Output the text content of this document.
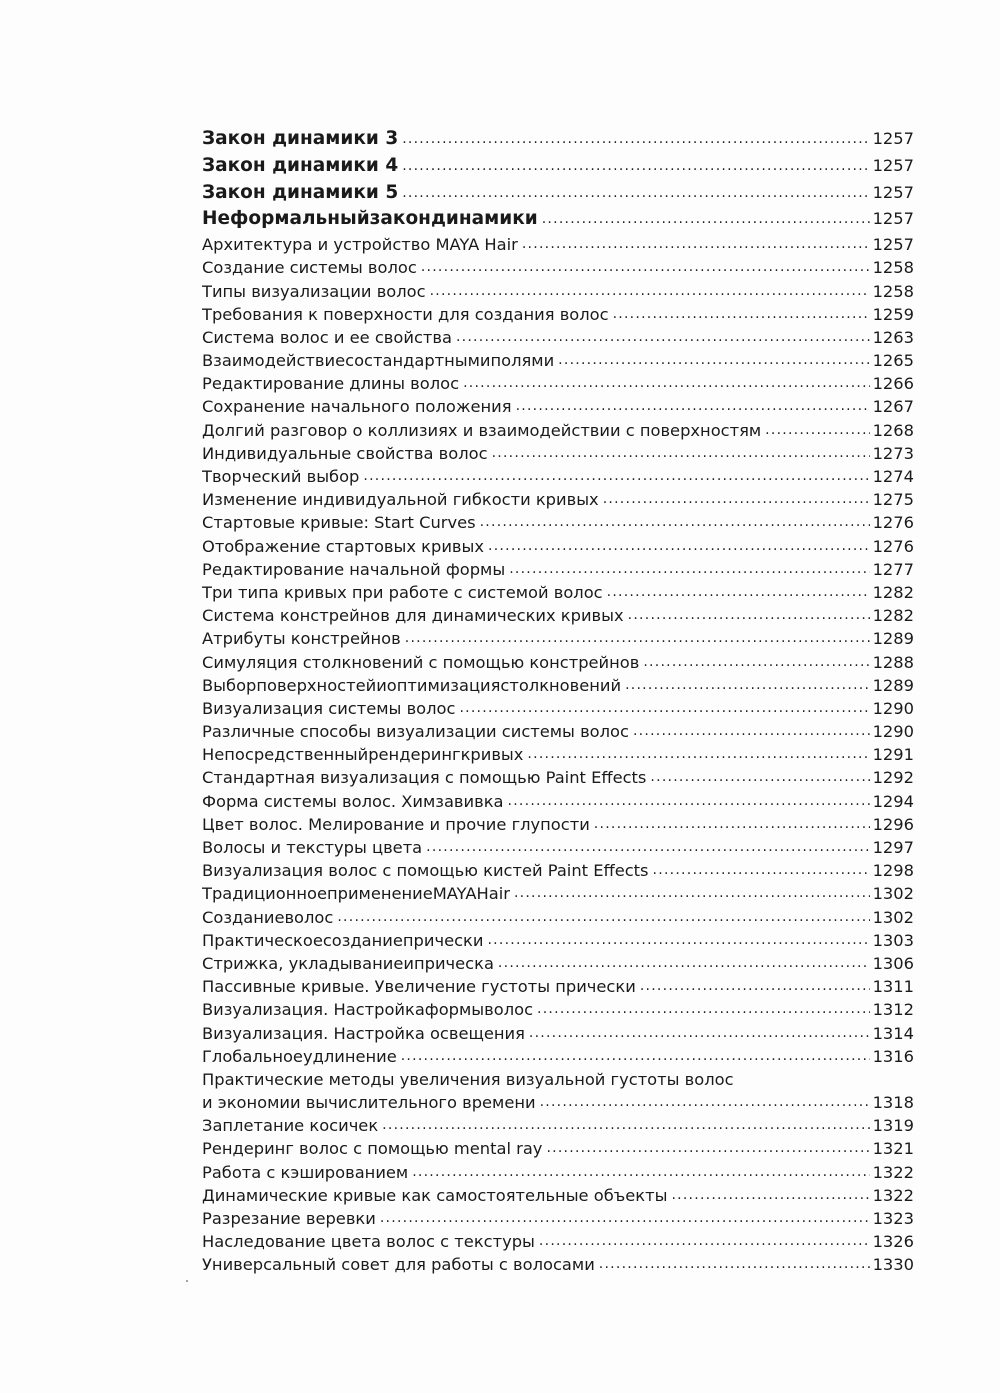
Закон динамики 3 . . .	1257
Закон динамики 4 . . .	1257
Закон динамики 5 . . .	1257
Неформальныйзакондинамики . . .	1257
Архитектура и устройство MAYA Hair . . .	1257
Создание системы волос . . .	1258
Типы визуализации волос . . .	1258
Требования к поверхности для создания волос . . .	1259
Система волос и ее свойства . . .	1263
Взаимодействиесостандартнымиполями . . .	1265
Редактирование длины волос . . .	1266
Сохранение начального положения . . .	1267
Долгий разговор о коллизиях и взаимодействии с поверхностям . . .	1268
Индивидуальные свойства волос . . .	1273
Творческий выбор . . .	1274
Изменение индивидуальной гибкости кривых . . .	1275
Стартовые кривые: Start Curves . . .	1276
Отображение стартовых кривых . . .	1276
Редактирование начальной формы . . .	1277
Три типа кривых при работе с системой волос . . .	1282
Система констрейнов для динамических кривых . . .	1282
Атрибуты констрейнов . . .	1289
Симуляция столкновений с помощью констрейнов . . .	1288
Выборповерхностейиоптимизациястолкновений . . .	1289
Визуализация системы волос . . .	1290
Различные способы визуализации системы волос . . .	1290
Непосредственныйрендерингкривых . . .	1291
Стандартная визуализация с помощью Paint Effects . . .	1292
Форма системы волос. Химзавивка . . .	1294
Цвет волос. Мелирование и прочие глупости . . .	1296
Волосы и текстуры цвета . . .	1297
Визуализация волос с помощью кистей Paint Effects . . .	1298
ТрадиционноеприменениеMAYAHair . . .	1302
Созданиеволос . . .	1302
Практическоесозданиепрически . . .	1303
Стрижка, укладываниеиприческа . . .	1306
Пассивные кривые. Увеличение густоты прически . . .	1311
Визуализация. Настройкаформыволос . . .	1312
Визуализация. Настройка освещения . . .	1314
Глобальноеудлинение . . .	1316
Практические методы увеличения визуальной густоты волос
и экономии вычислительного времени . . .	1318
Заплетание косичек . . .	1319
Рендеринг волос с помощью mental ray . . .	1321
Работа с кэшированием . . .	1322
Динамические кривые как самостоятельные объекты . . .	1322
Разрезание веревки . . .	1323
Наследование цвета волос с текстуры . . .	1326
Универсальный совет для работы с волосами . . .	1330
